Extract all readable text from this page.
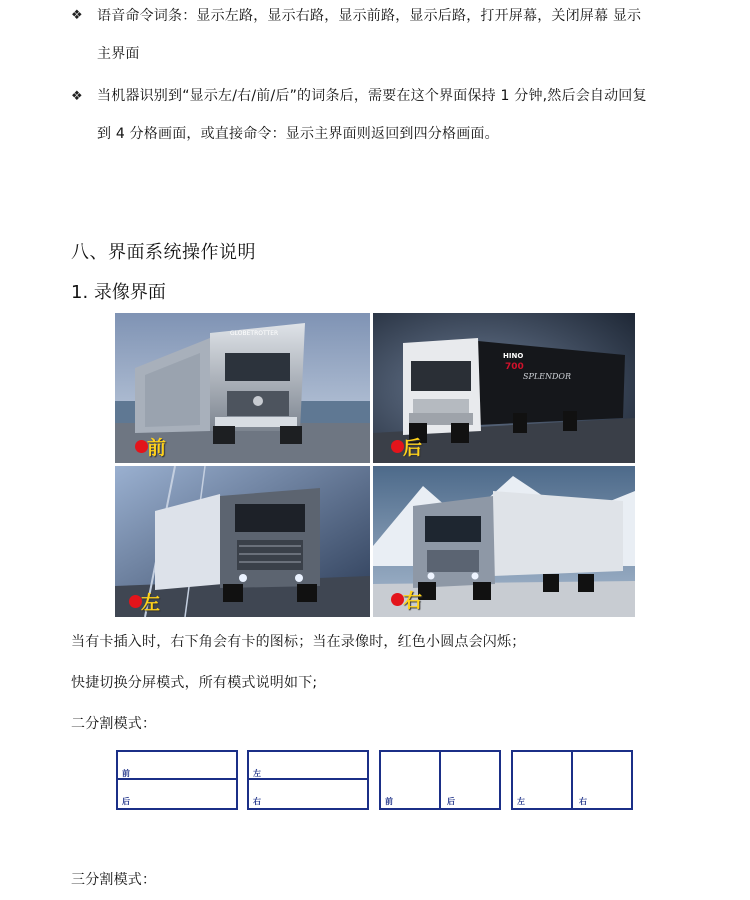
❖ 语音命令词条：显示左路，显示右路，显示前路，显示后路，打开屏幕，关闭屏幕 显示
主界面
❖ 当机器识别到“显示左/右/前/后”的词条后，需要在这个界面保持 1 分钟,然后会自动回复
到 4 分格画面，或直接命令：显示主界面则返回到四分格画面。
八、界面系统操作说明
1. 录像界面
GLOBETROTTER
前
HINO
700
SPLENDOR
后
左	右
当有卡插入时，右下角会有卡的图标；当在录像时，红色小圆点会闪烁；
快捷切换分屏模式，所有模式说明如下;
二分割模式：
前
后
左
右	前	后	左	右
三分割模式：
